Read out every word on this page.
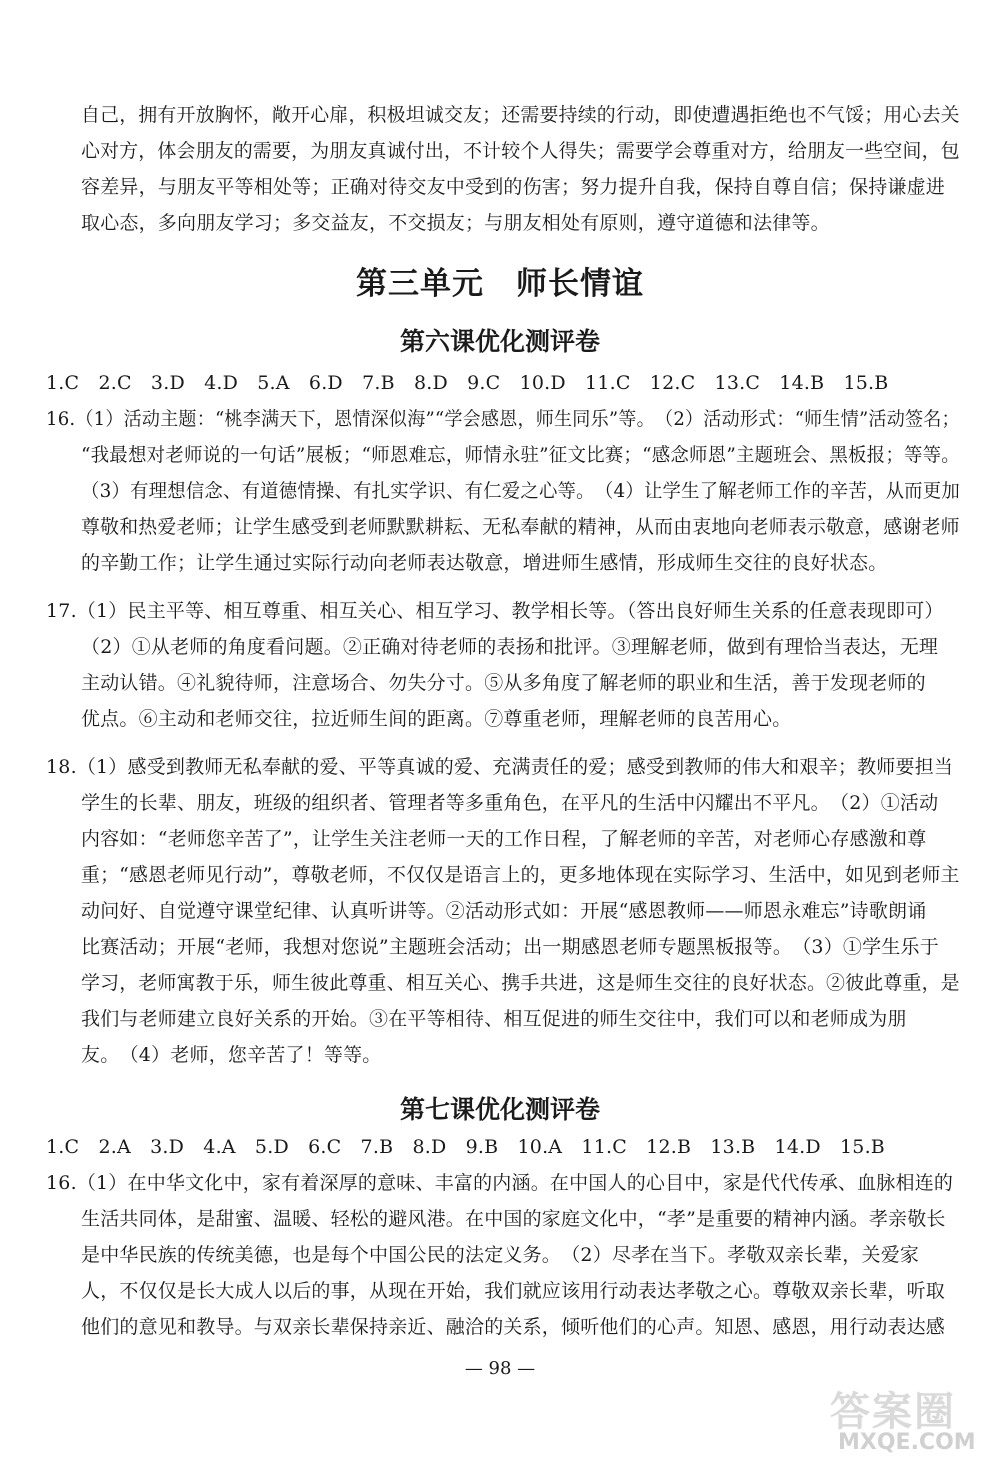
自己，拥有开放胸怀，敞开心扉，积极坦诚交友；还需要持续的行动，即使遭遇拒绝也不气馁；用心去关
心对方，体会朋友的需要，为朋友真诚付出，不计较个人得失；需要学会尊重对方，给朋友一些空间，包
容差异，与朋友平等相处等；正确对待交友中受到的伤害；努力提升自我，保持自尊自信；保持谦虚进
取心态，多向朋友学习；多交益友，不交损友；与朋友相处有原则，遵守道德和法律等。
第三单元　师长情谊
第六课优化测评卷
1.C　2.C　3.D　4.D　5.A　6.D　7.B　8.D　9.C　10.D　11.C　12.C　13.C　14.B　15.B
16.（1）活动主题：“桃李满天下，恩情深似海”“学会感恩，师生同乐”等。　（2）活动形式：“师生情”活动签名；
“我最想对老师说的一句话”展板；“师恩难忘，师情永驻”征文比赛；“感念师恩”主题班会、黑板报；等等。
（3）有理想信念、有道德情操、有扎实学识、有仁爱之心等。　（4）让学生了解老师工作的辛苦，从而更加
尊敬和热爱老师；让学生感受到老师默默耕耘、无私奉献的精神，从而由衷地向老师表示敬意，感谢老师
的辛勤工作；让学生通过实际行动向老师表达敬意，增进师生感情，形成师生交往的良好状态。
17.（1）民主平等、相互尊重、相互关心、相互学习、教学相长等。（答出良好师生关系的任意表现即可）
（2）①从老师的角度看问题。②正确对待老师的表扬和批评。③理解老师，做到有理恰当表达，无理
主动认错。④礼貌待师，注意场合、勿失分寸。⑤从多角度了解老师的职业和生活，善于发现老师的
优点。⑥主动和老师交往，拉近师生间的距离。⑦尊重老师，理解老师的良苦用心。
18.（1）感受到教师无私奉献的爱、平等真诚的爱、充满责任的爱；感受到教师的伟大和艰辛；教师要担当
学生的长辈、朋友，班级的组织者、管理者等多重角色，在平凡的生活中闪耀出不平凡。　（2）①活动
内容如：“老师您辛苦了”，让学生关注老师一天的工作日程，了解老师的辛苦，对老师心存感激和尊
重；“感恩老师见行动”，尊敬老师，不仅仅是语言上的，更多地体现在实际学习、生活中，如见到老师主
动问好、自觉遵守课堂纪律、认真听讲等。②活动形式如：开展“感恩教师——师恩永难忘”诗歌朗诵
比赛活动；开展“老师，我想对您说”主题班会活动；出一期感恩老师专题黑板报等。　（3）①学生乐于
学习，老师寓教于乐，师生彼此尊重、相互关心、携手共进，这是师生交往的良好状态。②彼此尊重，是
我们与老师建立良好关系的开始。③在平等相待、相互促进的师生交往中，我们可以和老师成为朋
友。　（4）老师，您辛苦了！等等。
第七课优化测评卷
1.C　2.A　3.D　4.A　5.D　6.C　7.B　8.D　9.B　10.A　11.C　12.B　13.B　14.D　15.B
16.（1）在中华文化中，家有着深厚的意味、丰富的内涵。在中国人的心目中，家是代代传承、血脉相连的
生活共同体，是甜蜜、温暖、轻松的避风港。在中国的家庭文化中，“孝”是重要的精神内涵。孝亲敬长
是中华民族的传统美德，也是每个中国公民的法定义务。　（2）尽孝在当下。孝敬双亲长辈，关爱家
人，不仅仅是长大成人以后的事，从现在开始，我们就应该用行动表达孝敬之心。尊敬双亲长辈，听取
他们的意见和教导。与双亲长辈保持亲近、融洽的关系，倾听他们的心声。知恩、感恩，用行动表达感
— 98 —
答案圈
MXQE.COM
